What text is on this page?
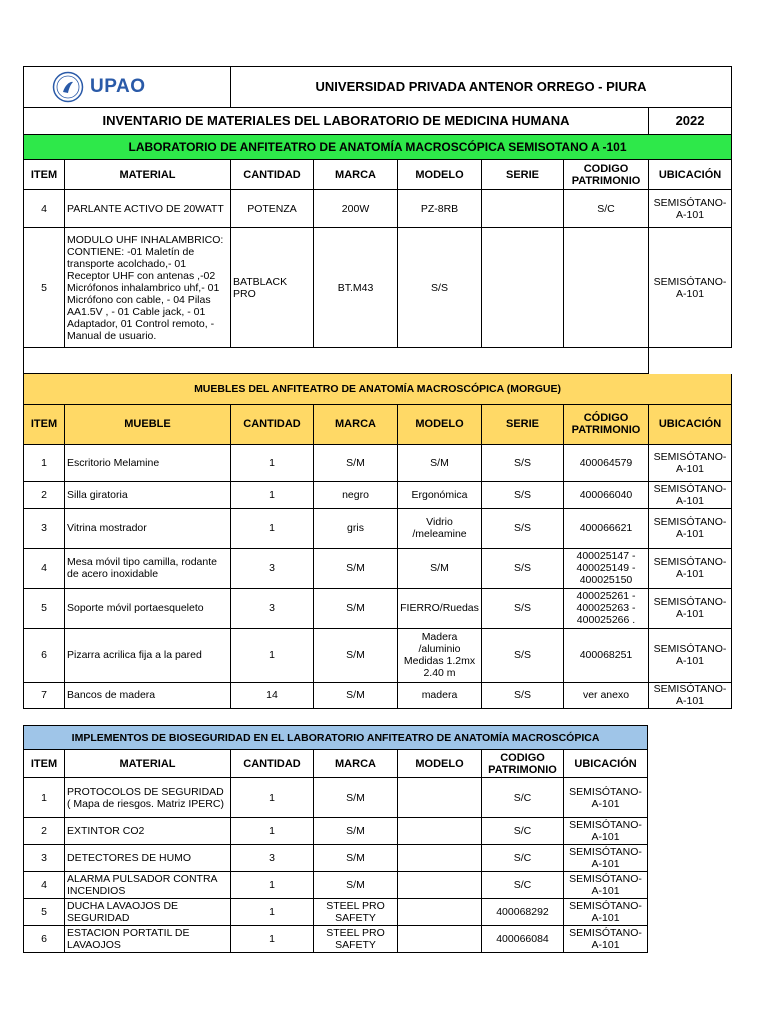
UPAO		UNIVERSIDAD PRIVADA ANTENOR ORREGO - PIURA					
INVENTARIO DE MATERIALES DEL LABORATORIO DE MEDICINA HUMANA							2022
LABORATORIO DE ANFITEATRO DE ANATOMÍA MACROSCÓPICA SEMISOTANO A -101							
ITEM	MATERIAL	CANTIDAD	MARCA	MODELO	SERIE	CODIGO PATRIMONIO	UBICACIÓN
4	PARLANTE ACTIVO DE 20WATT	POTENZA	200W	PZ-8RB		S/C	SEMISÓTANO-A-101
5	MODULO UHF INHALAMBRICO: CONTIENE: -01 Maletín de transporte acolchado,- 01 Receptor UHF con antenas ,-02 Micrófonos inhalambrico uhf,- 01 Micrófono con cable, - 04 Pilas AA1.5V , - 01 Cable jack, - 01 Adaptador, 01 Control remoto, - Manual de usuario.	BATBLACK PRO	BT.M43	S/S			SEMISÓTANO-A-101

MUEBLES DEL ANFITEATRO DE ANATOMÍA MACROSCÓPICA (MORGUE)							
ITEM	MUEBLE	CANTIDAD	MARCA	MODELO	SERIE	CÓDIGO PATRIMONIO	UBICACIÓN
1	Escritorio Melamine	1	S/M	S/M	S/S	400064579	SEMISÓTANO-A-101
2	Silla giratoria	1	negro	Ergonómica	S/S	400066040	SEMISÓTANO-A-101
3	Vitrina mostrador	1	gris	Vidrio /meleamine	S/S	400066621	SEMISÓTANO-A-101
4	Mesa móvil tipo camilla, rodante de acero inoxidable	3	S/M	S/M	S/S	400025147 - 400025149 - 400025150	SEMISÓTANO-A-101
5	Soporte móvil portaesqueleto	3	S/M	FIERRO/Ruedas	S/S	400025261 - 400025263 - 400025266 .	SEMISÓTANO-A-101
6	Pizarra acrilica fija a la pared	1	S/M	Madera /aluminio Medidas 1.2mx 2.40 m	S/S	400068251	SEMISÓTANO-A-101
7	Bancos de madera	14	S/M	madera	S/S	ver anexo	SEMISÓTANO-A-101
IMPLEMENTOS DE BIOSEGURIDAD EN EL LABORATORIO ANFITEATRO DE ANATOMÍA MACROSCÓPICA						
ITEM	MATERIAL	CANTIDAD	MARCA	MODELO	CODIGO PATRIMONIO	UBICACIÓN
1	PROTOCOLOS DE SEGURIDAD ( Mapa de riesgos. Matriz IPERC)	1	S/M		S/C	SEMISÓTANO-A-101
2	EXTINTOR CO2	1	S/M		S/C	SEMISÓTANO-A-101
3	DETECTORES DE HUMO	3	S/M		S/C	SEMISÓTANO-A-101
4	ALARMA PULSADOR CONTRA INCENDIOS	1	S/M		S/C	SEMISÓTANO-A-101
5	DUCHA LAVAOJOS DE SEGURIDAD	1	STEEL PRO SAFETY		400068292	SEMISÓTANO-A-101
6	ESTACION PORTATIL DE LAVAOJOS	1	STEEL PRO SAFETY		400066084	SEMISÓTANO-A-101
